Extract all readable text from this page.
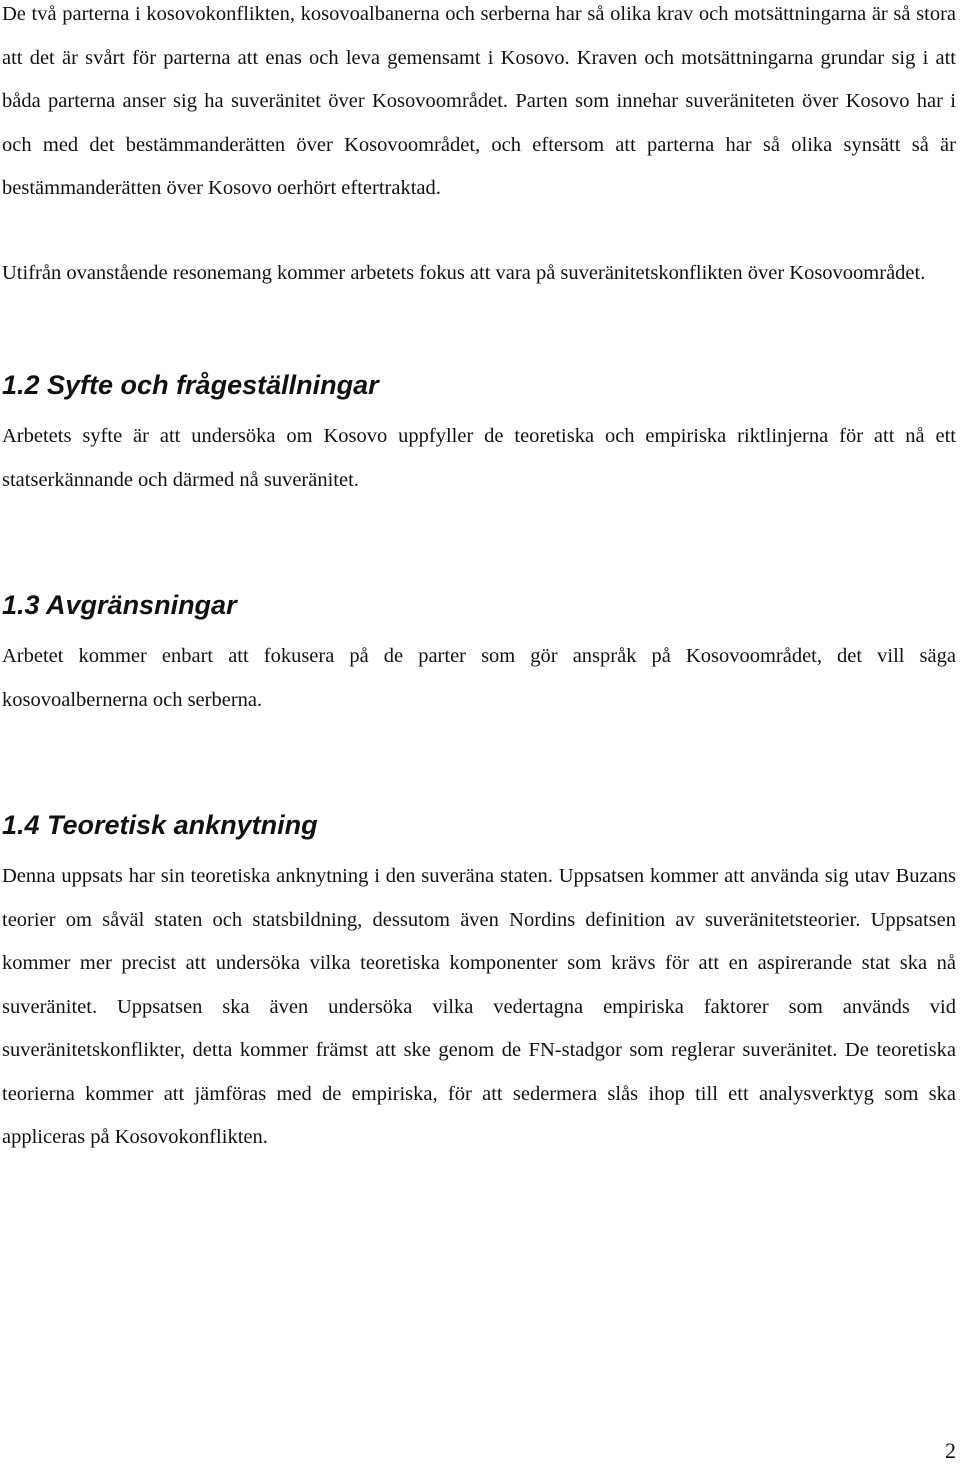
De två parterna i kosovokonflikten, kosovoalbanerna och serberna har så olika krav och motsättningarna är så stora att det är svårt för parterna att enas och leva gemensamt i Kosovo. Kraven och motsättningarna grundar sig i att båda parterna anser sig ha suveränitet över Kosovoområdet. Parten som innehar suveräniteten över Kosovo har i och med det bestämmanderätten över Kosovoområdet, och eftersom att parterna har så olika synsätt så är bestämmanderätten över Kosovo oerhört eftertraktad.

Utifrån ovanstående resonemang kommer arbetets fokus att vara på suveränitetskonflikten över Kosovoområdet.

1.2 Syfte och frågeställningar

Arbetets syfte är att undersöka om Kosovo uppfyller de teoretiska och empiriska riktlinjerna för att nå ett statserkännande och därmed nå suveränitet.

1.3 Avgränsningar

Arbetet kommer enbart att fokusera på de parter som gör anspråk på Kosovoområdet, det vill säga kosovoalbernerna och serberna.

1.4 Teoretisk anknytning

Denna uppsats har sin teoretiska anknytning i den suveräna staten. Uppsatsen kommer att använda sig utav Buzans teorier om såväl staten och statsbildning, dessutom även Nordins definition av suveränitetsteorier. Uppsatsen kommer mer precist att undersöka vilka teoretiska komponenter som krävs för att en aspirerande stat ska nå suveränitet. Uppsatsen ska även undersöka vilka vedertagna empiriska faktorer som används vid suveränitetskonflikter, detta kommer främst att ske genom de FN-stadgor som reglerar suveränitet. De teoretiska teorierna kommer att jämföras med de empiriska, för att sedermera slås ihop till ett analysverktyg som ska appliceras på Kosovokonflikten.

2
